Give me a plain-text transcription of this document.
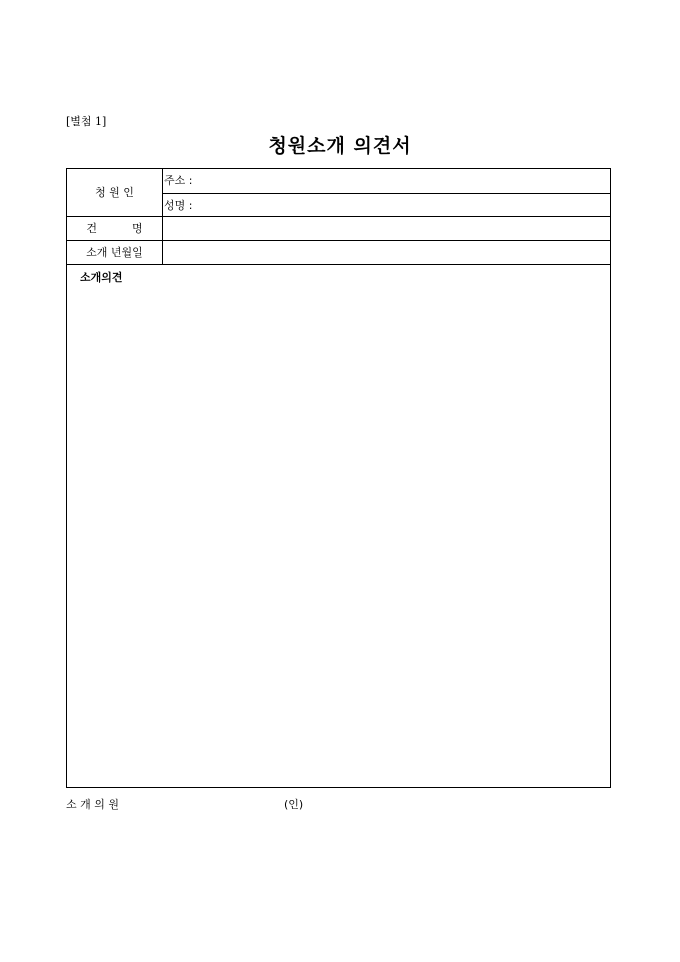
[별첨 1]
청원소개 의견서
청 원 인
주소 :
성명 :
건          명
소개 년월일
소개의견
소 개 의 원	(인)
